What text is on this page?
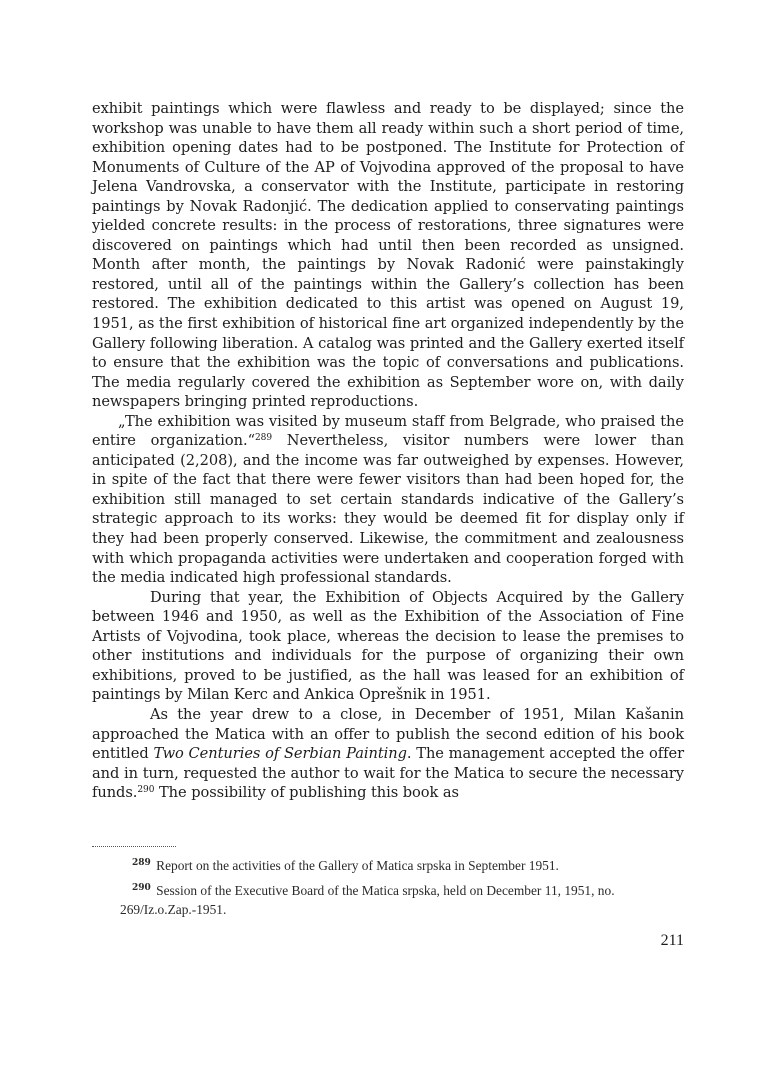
exhibit paintings which were flawless and ready to be displayed; since the workshop was unable to have them all ready within such a short period of time, exhibition opening dates had to be postponed. The Institute for Protection of Monuments of Culture of the AP of Vojvodina approved of the proposal to have Jelena Vandrovska, a conservator with the Institute, participate in restoring paintings by Novak Radonjić. The dedication applied to conservating paintings yielded concrete results: in the process of restorations, three signatures were discovered on paintings which had until then been recorded as unsigned. Month after month, the paintings by Novak Radonić were painstakingly restored, until all of the paintings within the Gallery’s collection has been restored. The exhibition dedicated to this artist was opened on August 19, 1951, as the first exhibition of historical fine art organized independently by the Gallery following liberation. A catalog was printed and the Gallery exerted itself to ensure that the exhibition was the topic of conversations and publications. The media regularly covered the exhibition as September wore on, with daily newspapers bringing printed reproductions.

„The exhibition was visited by museum staff from Belgrade, who praised the entire organization.“$^{289}$ Nevertheless, visitor numbers were lower than anticipated (2,208), and the income was far outweighed by expenses. However, in spite of the fact that there were fewer visitors than had been hoped for, the exhibition still managed to set certain standards indicative of the Gallery’s strategic approach to its works: they would be deemed fit for display only if they had been properly conserved. Likewise, the commitment and zealousness with which propaganda activities were undertaken and cooperation forged with the media indicated high professional standards.

During that year, the Exhibition of Objects Acquired by the Gallery between 1946 and 1950, as well as the Exhibition of the Association of Fine Artists of Vojvodina, took place, whereas the decision to lease the premises to other institutions and individuals for the purpose of organizing their own exhibitions, proved to be justified, as the hall was leased for an exhibition of paintings by Milan Kerc and Ankica Oprešnik in 1951.

As the year drew to a close, in December of 1951, Milan Kašanin approached the Matica with an offer to publish the second edition of his book entitled Two Centuries of Serbian Painting. The management accepted the offer and in turn, requested the author to wait for the Matica to secure the necessary funds.$^{290}$ The possibility of publishing this book as

$^{289}$ Report on the activities of the Gallery of Matica srpska in September 1951.

$^{290}$ Session of the Executive Board of the Matica srpska, held on December 11, 1951, no. 269/Iz.o.Zap.-1951.

211
